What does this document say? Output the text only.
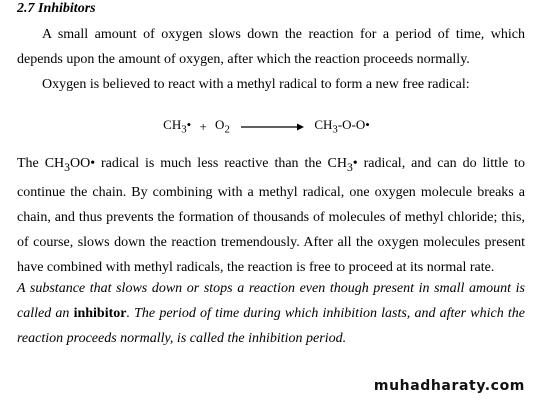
2.7 Inhibitors
A small amount of oxygen slows down the reaction for a period of time, which depends upon the amount of oxygen, after which the reaction proceeds normally.
Oxygen is believed to react with a methyl radical to form a new free radical:
$CH_3• + O_2$	$CH_3-O-O•$
The $CH_3OO•$ radical is much less reactive than the $CH_3•$ radical, and can do little to continue the chain. By combining with a methyl radical, one oxygen molecule breaks a chain, and thus prevents the formation of thousands of molecules of methyl chloride; this, of course, slows down the reaction tremendously. After all the oxygen molecules present have combined with methyl radicals, the reaction is free to proceed at its normal rate.
A substance that slows down or stops a reaction even though present in small amount is called an inhibitor. The period of time during which inhibition lasts, and after which the reaction proceeds normally, is called the inhibition period.
muhadharaty.com
